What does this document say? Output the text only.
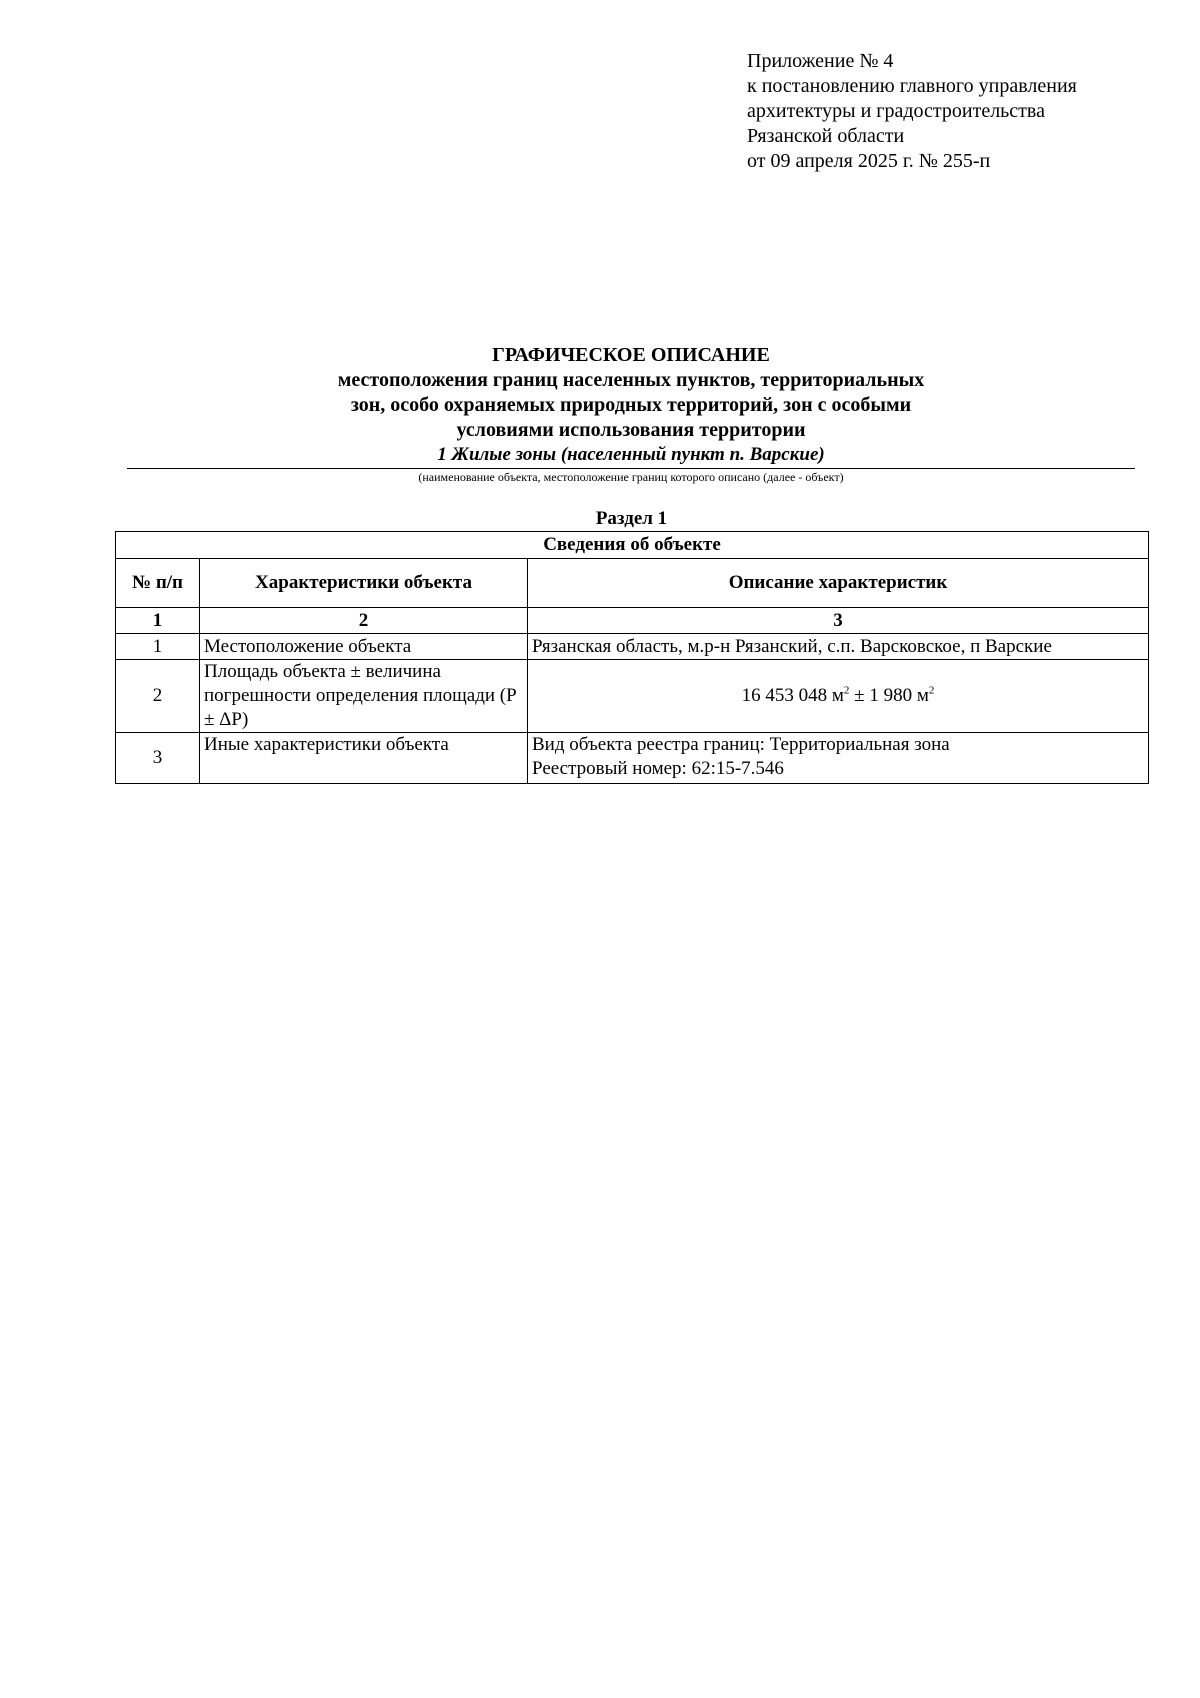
Приложение № 4
к постановлению главного управления
архитектуры и градостроительства
Рязанской области
от 09 апреля 2025 г. № 255-п
ГРАФИЧЕСКОЕ ОПИСАНИЕ
местоположения границ населенных пунктов, территориальных
зон, особо охраняемых природных территорий, зон с особыми
условиями использования территории
1 Жилые зоны (населенный пункт п. Варские)
(наименование объекта, местоположение границ которого описано (далее - объект)
Раздел 1
Сведения об объекте		
№ п/п	Характеристики объекта	Описание характеристик
1	2	3
1	Местоположение объекта	Рязанская область, м.р-н Рязанский, с.п. Варсковское, п Варские
2	Площадь объекта ± величина погрешности определения площади (Р ± ΔР)	16 453 048 $м^2 \pm 1$ 980 $м^2$
3	Иные характеристики объекта	Вид объекта реестра границ: Территориальная зона
Реестровый номер: 62:15-7.546
